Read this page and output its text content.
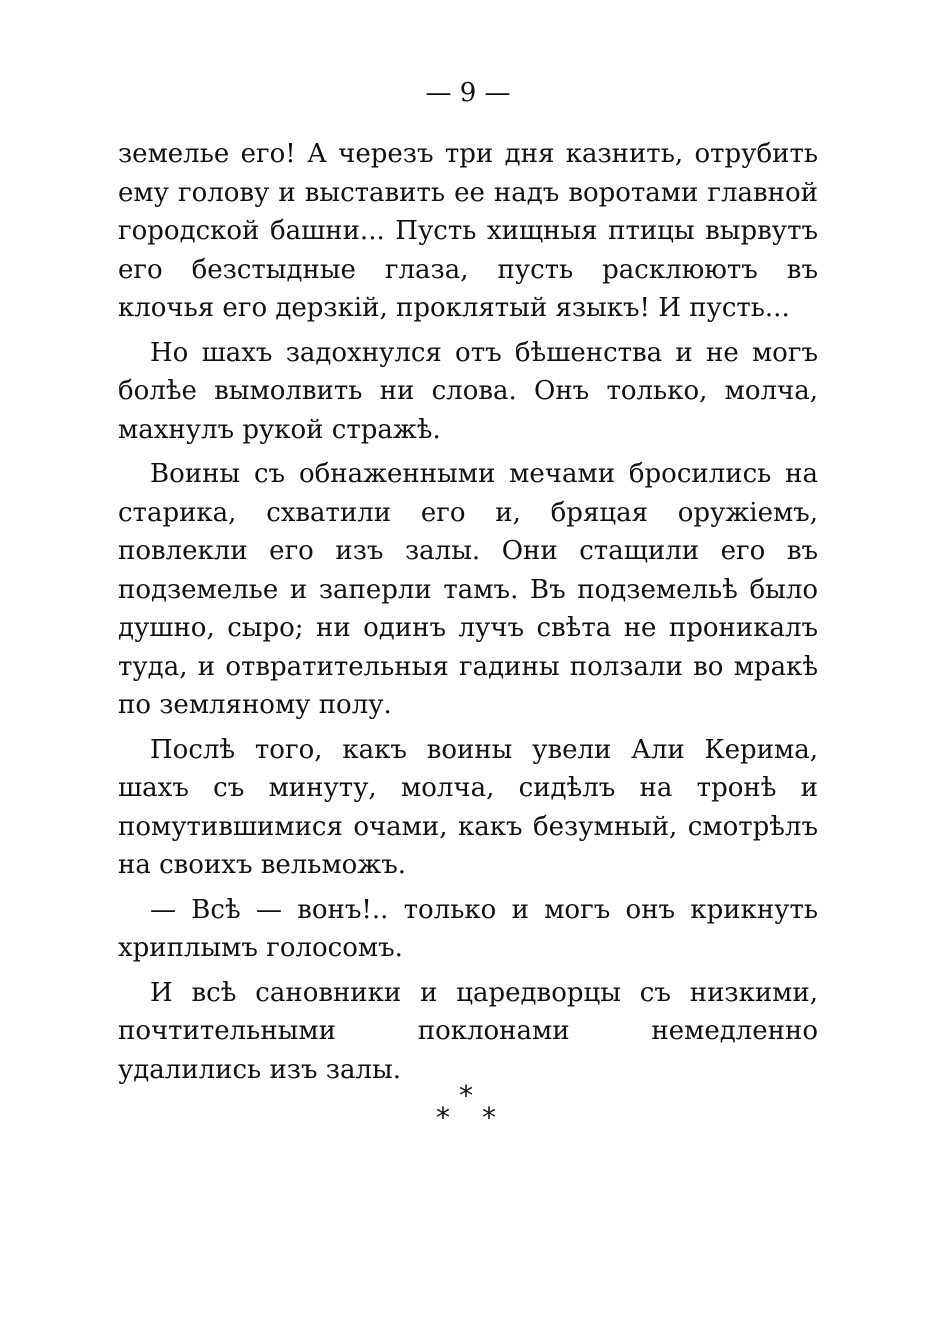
— 9 —

земелье его! А черезъ три дня казнить, отрубить ему голову и выставить ее надъ воротами главной городской башни... Пусть хищныя птицы вырвутъ его безстыдные глаза, пусть расклюютъ въ клочья его дерзкій, проклятый языкъ! И пусть...

Но шахъ задохнулся отъ бѣшенства и не могъ болѣе вымолвить ни слова. Онъ только, молча, махнулъ рукой стражѣ.

Воины съ обнаженными мечами бросились на старика, схватили его и, бряцая оружіемъ, повлекли его изъ залы. Они стащили его въ подземелье и заперли тамъ. Въ подземельѣ было душно, сыро; ни одинъ лучъ свѣта не проникалъ туда, и отвратительныя гадины ползали во мракѣ по земляному полу.

Послѣ того, какъ воины увели Али Керима, шахъ съ минуту, молча, сидѣлъ на тронѣ и помутившимися очами, какъ безумный, смотрѣлъ на своихъ вельможъ.

— Всѣ — вонъ!.. только и могъ онъ крикнуть хриплымъ голосомъ.

И всѣ сановники и царедворцы съ низкими, почтительными поклонами немедленно удалились изъ залы.

*
* *
